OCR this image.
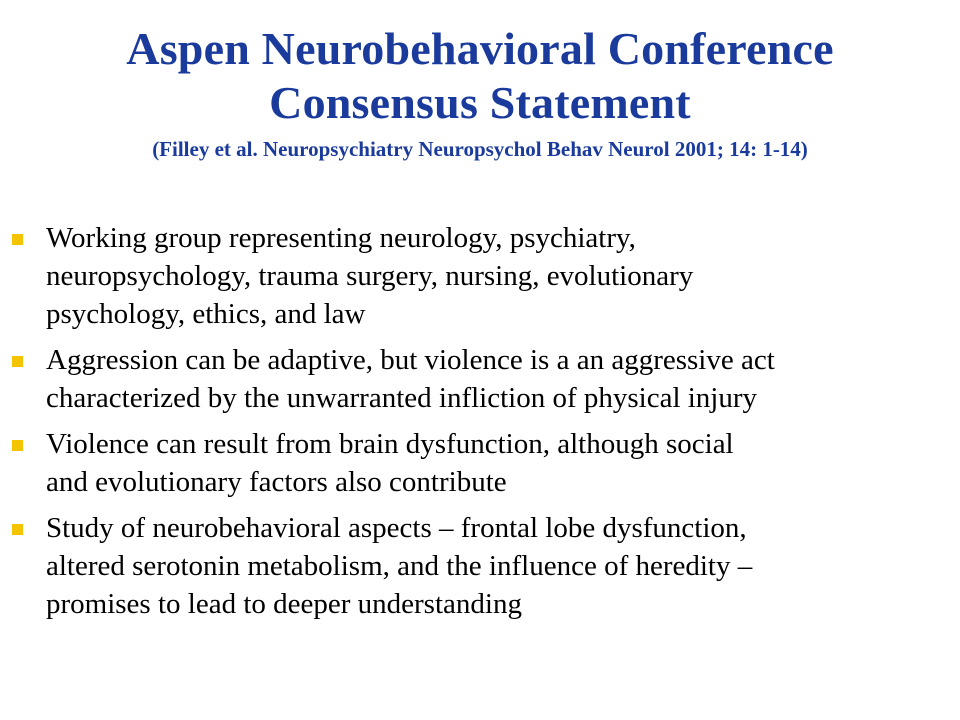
Aspen Neurobehavioral Conference
Consensus Statement
(Filley et al. Neuropsychiatry Neuropsychol Behav Neurol 2001; 14: 1-14)
Working group representing neurology, psychiatry,
neuropsychology, trauma surgery, nursing, evolutionary
psychology, ethics, and law
Aggression can be adaptive, but violence is a an aggressive act
characterized by the unwarranted infliction of physical injury
Violence can result from brain dysfunction, although social
and evolutionary factors also contribute
Study of neurobehavioral aspects – frontal lobe dysfunction,
altered serotonin metabolism, and the influence of heredity –
promises to lead to deeper understanding
